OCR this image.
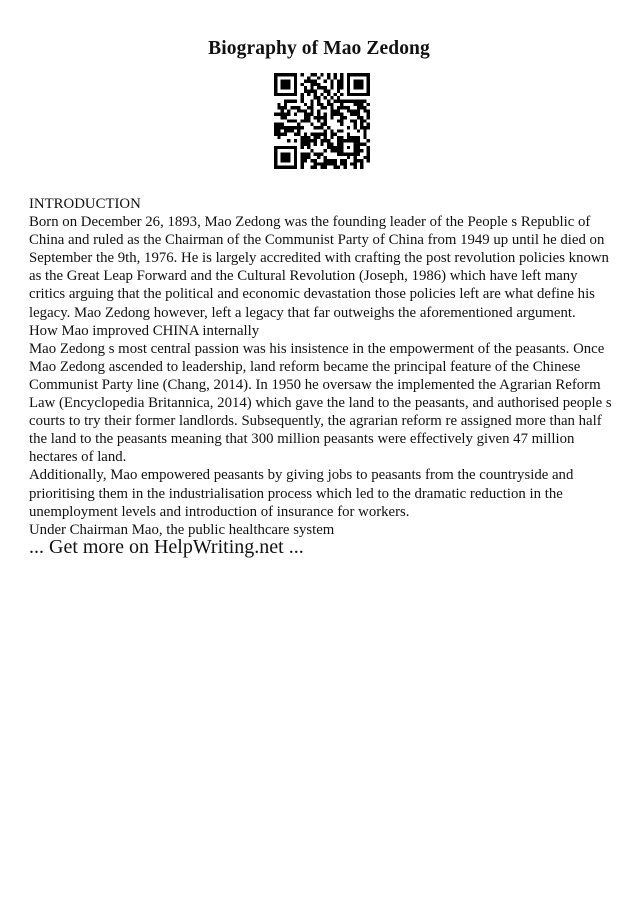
Biography of Mao Zedong

INTRODUCTION

Born on December 26, 1893, Mao Zedong was the founding leader of the People s Republic of China and ruled as the Chairman of the Communist Party of China from 1949 up until he died on September the 9th, 1976. He is largely accredited with crafting the post revolution policies known as the Great Leap Forward and the Cultural Revolution (Joseph, 1986) which have left many critics arguing that the political and economic devastation those policies left are what define his legacy. Mao Zedong however, left a legacy that far outweighs the aforementioned argument.

How Mao improved CHINA internally

Mao Zedong s most central passion was his insistence in the empowerment of the peasants. Once Mao Zedong ascended to leadership, land reform became the principal feature of the Chinese Communist Party line (Chang, 2014). In 1950 he oversaw the implemented the Agrarian Reform Law (Encyclopedia Britannica, 2014) which gave the land to the peasants, and authorised people s courts to try their former landlords. Subsequently, the agrarian reform re assigned more than half the land to the peasants meaning that 300 million peasants were effectively given 47 million hectares of land.

Additionally, Mao empowered peasants by giving jobs to peasants from the countryside and prioritising them in the industrialisation process which led to the dramatic reduction in the unemployment levels and introduction of insurance for workers.

Under Chairman Mao, the public healthcare system

... Get more on HelpWriting.net ...
